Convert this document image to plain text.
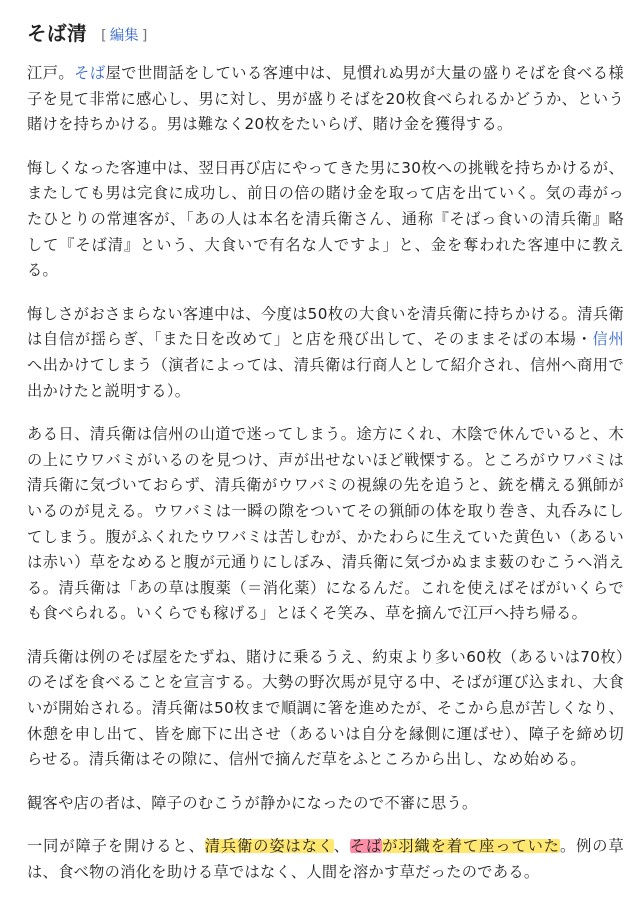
そば清 [ 編集 ]

江戸。そば屋で世間話をしている客連中は、見慣れぬ男が大量の盛りそばを食べる様子を見て非常に感心し、男に対し、男が盛りそばを20枚食べられるかどうか、という賭けを持ちかける。男は難なく20枚をたいらげ、賭け金を獲得する。

悔しくなった客連中は、翌日再び店にやってきた男に30枚への挑戦を持ちかけるが、またしても男は完食に成功し、前日の倍の賭け金を取って店を出ていく。気の毒がったひとりの常連客が、「あの人は本名を清兵衛さん、通称『そばっ食いの清兵衛』略して『そば清』という、大食いで有名な人ですよ」と、金を奪われた客連中に教える。

悔しさがおさまらない客連中は、今度は50枚の大食いを清兵衛に持ちかける。清兵衛は自信が揺らぎ、「また日を改めて」と店を飛び出して、そのままそばの本場・信州へ出かけてしまう（演者によっては、清兵衛は行商人として紹介され、信州へ商用で出かけたと説明する）。

ある日、清兵衛は信州の山道で迷ってしまう。途方にくれ、木陰で休んでいると、木の上にウワバミがいるのを見つけ、声が出せないほど戦慄する。ところがウワバミは清兵衛に気づいておらず、清兵衛がウワバミの視線の先を追うと、銃を構える猟師がいるのが見える。ウワバミは一瞬の隙をついてその猟師の体を取り巻き、丸呑みにしてしまう。腹がふくれたウワバミは苦しむが、かたわらに生えていた黄色い（あるいは赤い）草をなめると腹が元通りにしぼみ、清兵衛に気づかぬまま薮のむこうへ消える。清兵衛は「あの草は腹薬（＝消化薬）になるんだ。これを使えばそばがいくらでも食べられる。いくらでも稼げる」とほくそ笑み、草を摘んで江戸へ持ち帰る。

清兵衛は例のそば屋をたずね、賭けに乗るうえ、約束より多い60枚（あるいは70枚）のそばを食べることを宣言する。大勢の野次馬が見守る中、そばが運び込まれ、大食いが開始される。清兵衛は50枚まで順調に箸を進めたが、そこから息が苦しくなり、休憩を申し出て、皆を廊下に出させ（あるいは自分を縁側に運ばせ）、障子を締め切らせる。清兵衛はその隙に、信州で摘んだ草をふところから出し、なめ始める。

観客や店の者は、障子のむこうが静かになったので不審に思う。

一同が障子を開けると、清兵衛の姿はなく、そばが羽織を着て座っていた。例の草は、食べ物の消化を助ける草ではなく、人間を溶かす草だったのである。
